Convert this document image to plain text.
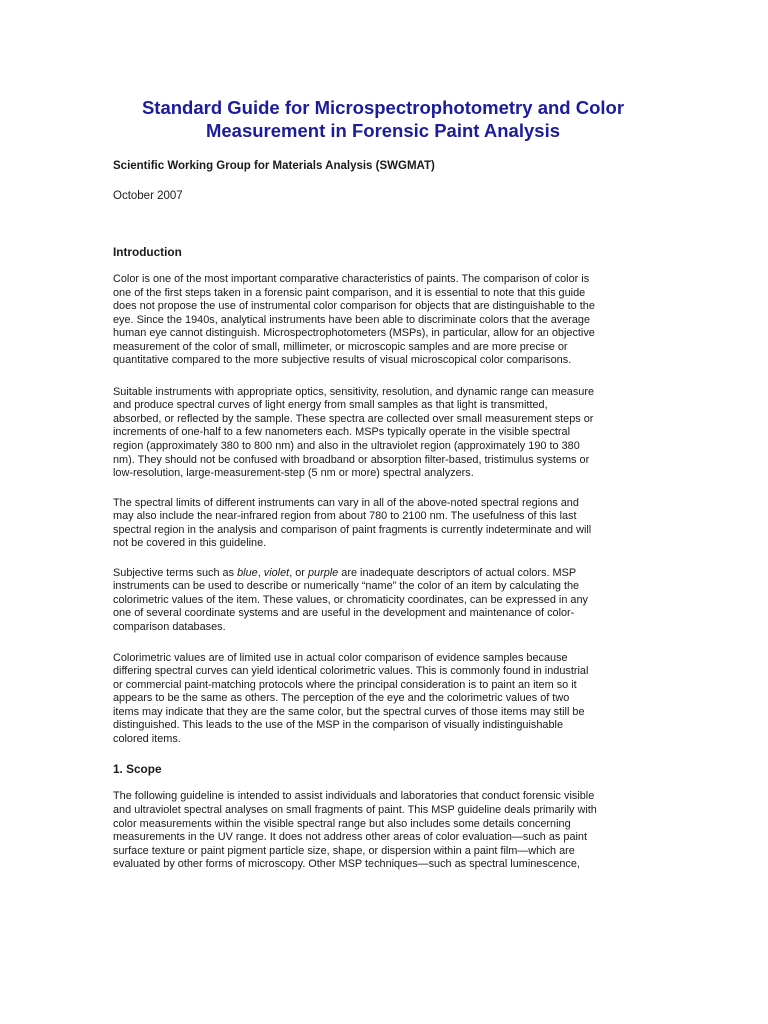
Standard Guide for Microspectrophotometry and Color
Measurement in Forensic Paint Analysis

Scientific Working Group for Materials Analysis (SWGMAT)

October 2007

Introduction
Color is one of the most important comparative characteristics of paints. The comparison of color is
one of the first steps taken in a forensic paint comparison, and it is essential to note that this guide
does not propose the use of instrumental color comparison for objects that are distinguishable to the
eye. Since the 1940s, analytical instruments have been able to discriminate colors that the average
human eye cannot distinguish. Microspectrophotometers (MSPs), in particular, allow for an objective
measurement of the color of small, millimeter, or microscopic samples and are more precise or
quantitative compared to the more subjective results of visual microscopical color comparisons.
Suitable instruments with appropriate optics, sensitivity, resolution, and dynamic range can measure
and produce spectral curves of light energy from small samples as that light is transmitted,
absorbed, or reflected by the sample. These spectra are collected over small measurement steps or
increments of one-half to a few nanometers each. MSPs typically operate in the visible spectral
region (approximately 380 to 800 nm) and also in the ultraviolet region (approximately 190 to 380
nm). They should not be confused with broadband or absorption filter-based, tristimulus systems or
low-resolution, large-measurement-step (5 nm or more) spectral analyzers.
The spectral limits of different instruments can vary in all of the above-noted spectral regions and
may also include the near-infrared region from about 780 to 2100 nm. The usefulness of this last
spectral region in the analysis and comparison of paint fragments is currently indeterminate and will
not be covered in this guideline.
Subjective terms such as blue, violet, or purple are inadequate descriptors of actual colors. MSP
instruments can be used to describe or numerically “name” the color of an item by calculating the
colorimetric values of the item. These values, or chromaticity coordinates, can be expressed in any
one of several coordinate systems and are useful in the development and maintenance of color-
comparison databases.
Colorimetric values are of limited use in actual color comparison of evidence samples because
differing spectral curves can yield identical colorimetric values. This is commonly found in industrial
or commercial paint-matching protocols where the principal consideration is to paint an item so it
appears to be the same as others. The perception of the eye and the colorimetric values of two
items may indicate that they are the same color, but the spectral curves of those items may still be
distinguished. This leads to the use of the MSP in the comparison of visually indistinguishable
colored items.
1. Scope
The following guideline is intended to assist individuals and laboratories that conduct forensic visible
and ultraviolet spectral analyses on small fragments of paint. This MSP guideline deals primarily with
color measurements within the visible spectral range but also includes some details concerning
measurements in the UV range. It does not address other areas of color evaluation—such as paint
surface texture or paint pigment particle size, shape, or dispersion within a paint film—which are
evaluated by other forms of microscopy. Other MSP techniques—such as spectral luminescence,
